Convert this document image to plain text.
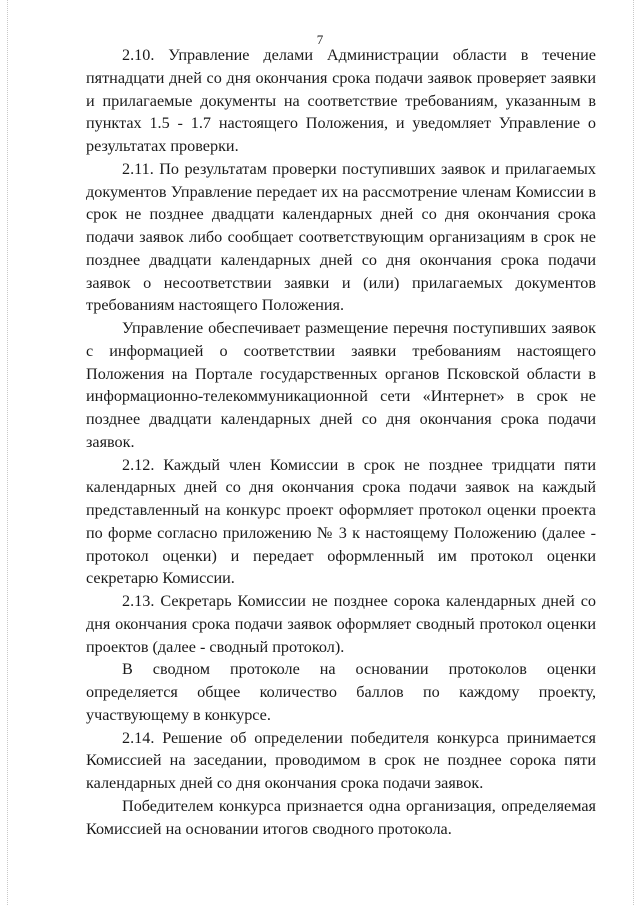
7

2.10. Управление делами Администрации области в течение пятнадцати дней со дня окончания срока подачи заявок проверяет заявки и прилагаемые документы на соответствие требованиям, указанным в пунктах 1.5 - 1.7 настоящего Положения, и уведомляет Управление о результатах проверки.

2.11. По результатам проверки поступивших заявок и прилагаемых документов Управление передает их на рассмотрение членам Комиссии в срок не позднее двадцати календарных дней со дня окончания срока подачи заявок либо сообщает соответствующим организациям в срок не позднее двадцати календарных дней со дня окончания срока подачи заявок о несоответствии заявки и (или) прилагаемых документов требованиям настоящего Положения.

Управление обеспечивает размещение перечня поступивших заявок с информацией о соответствии заявки требованиям настоящего Положения на Портале государственных органов Псковской области в информационно-телекоммуникационной сети «Интернет» в срок не позднее двадцати календарных дней со дня окончания срока подачи заявок.

2.12. Каждый член Комиссии в срок не позднее тридцати пяти календарных дней со дня окончания срока подачи заявок на каждый представленный на конкурс проект оформляет протокол оценки проекта по форме согласно приложению № 3 к настоящему Положению (далее - протокол оценки) и передает оформленный им протокол оценки секретарю Комиссии.

2.13. Секретарь Комиссии не позднее сорока календарных дней со дня окончания срока подачи заявок оформляет сводный протокол оценки проектов (далее - сводный протокол).

В сводном протоколе на основании протоколов оценки определяется общее количество баллов по каждому проекту, участвующему в конкурсе.

2.14. Решение об определении победителя конкурса принимается Комиссией на заседании, проводимом в срок не позднее сорока пяти календарных дней со дня окончания срока подачи заявок.

Победителем конкурса признается одна организация, определяемая Комиссией на основании итогов сводного протокола.
